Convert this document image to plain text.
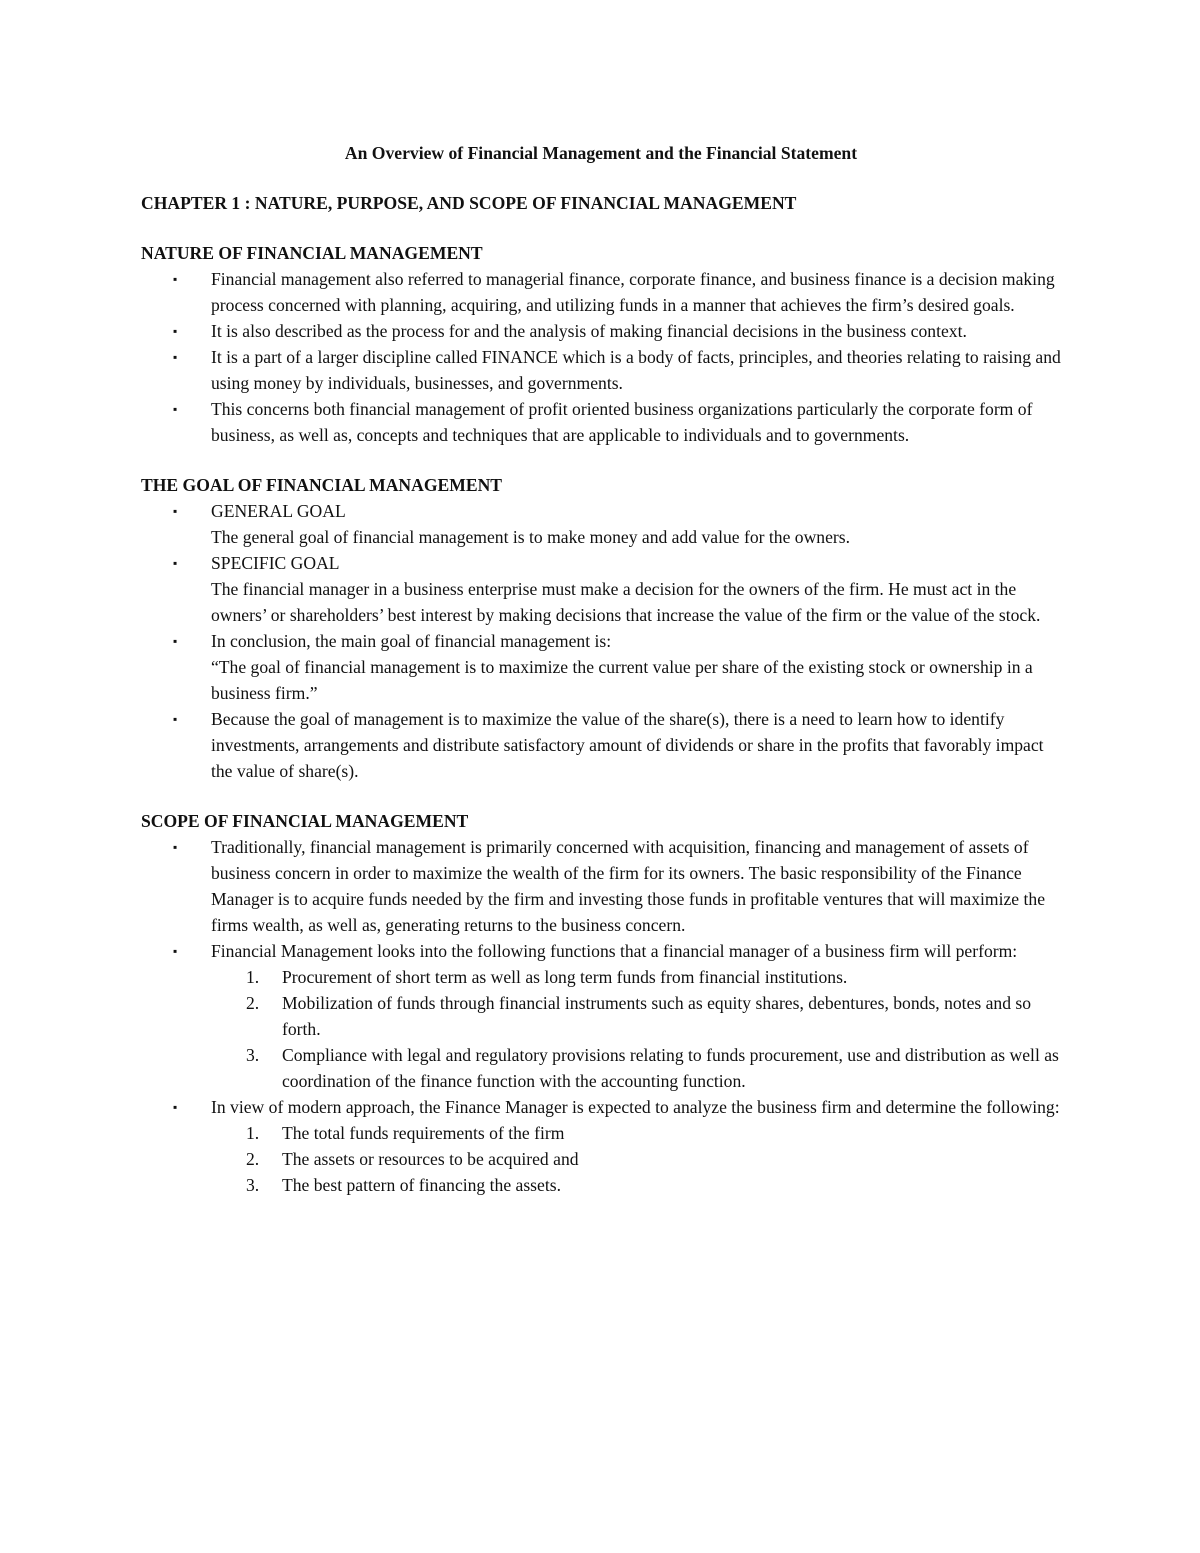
An Overview of Financial Management and the Financial Statement
CHAPTER 1 : NATURE, PURPOSE, AND SCOPE OF FINANCIAL MANAGEMENT
NATURE OF FINANCIAL MANAGEMENT
▪ Financial management also referred to managerial finance, corporate finance, and business finance is a decision making process concerned with planning, acquiring, and utilizing funds in a manner that achieves the firm’s desired goals.
▪ It is also described as the process for and the analysis of making financial decisions in the business context.
▪ It is a part of a larger discipline called FINANCE which is a body of facts, principles, and theories relating to raising and using money by individuals, businesses, and governments.
▪ This concerns both financial management of profit oriented business organizations particularly the corporate form of business, as well as, concepts and techniques that are applicable to individuals and to governments.
THE GOAL OF FINANCIAL MANAGEMENT
▪ GENERAL GOAL
The general goal of financial management is to make money and add value for the owners.
▪ SPECIFIC GOAL
The financial manager in a business enterprise must make a decision for the owners of the firm. He must act in the owners’ or shareholders’ best interest by making decisions that increase the value of the firm or the value of the stock.
▪ In conclusion, the main goal of financial management is:
“The goal of financial management is to maximize the current value per share of the existing stock or ownership in a business firm.”
▪ Because the goal of management is to maximize the value of the share(s), there is a need to learn how to identify investments, arrangements and distribute satisfactory amount of dividends or share in the profits that favorably impact the value of share(s).
SCOPE OF FINANCIAL MANAGEMENT
▪ Traditionally, financial management is primarily concerned with acquisition, financing and management of assets of business concern in order to maximize the wealth of the firm for its owners. The basic responsibility of the Finance Manager is to acquire funds needed by the firm and investing those funds in profitable ventures that will maximize the firms wealth, as well as, generating returns to the business concern.
▪ Financial Management looks into the following functions that a financial manager of a business firm will perform:
1. Procurement of short term as well as long term funds from financial institutions.
2. Mobilization of funds through financial instruments such as equity shares, debentures, bonds, notes and so forth.
3. Compliance with legal and regulatory provisions relating to funds procurement, use and distribution as well as coordination of the finance function with the accounting function.
▪ In view of modern approach, the Finance Manager is expected to analyze the business firm and determine the following:
1. The total funds requirements of the firm
2. The assets or resources to be acquired and
3. The best pattern of financing the assets.
